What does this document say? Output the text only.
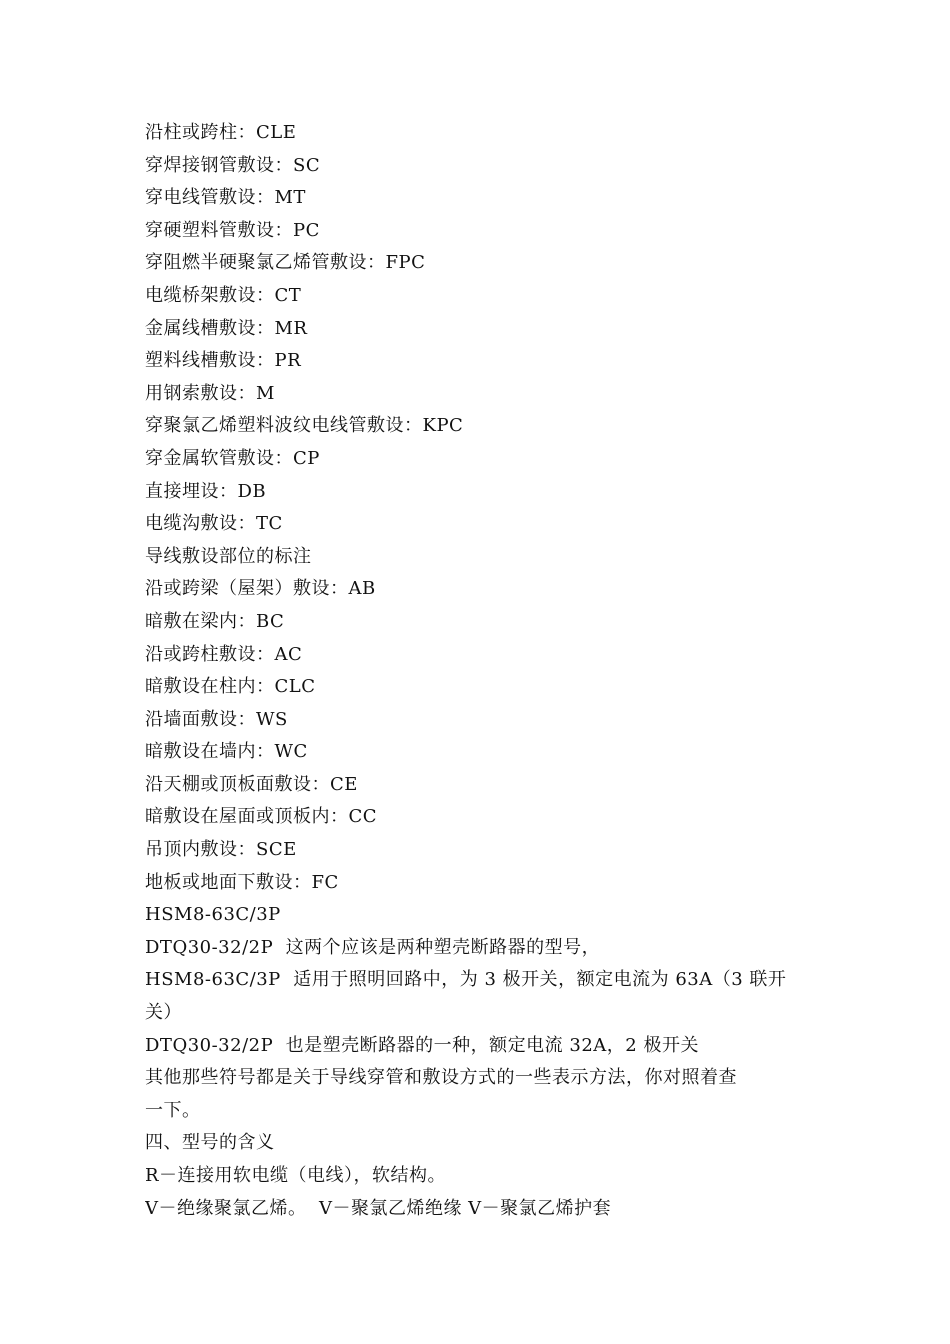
沿柱或跨柱：CLE
穿焊接钢管敷设：SC
穿电线管敷设：MT
穿硬塑料管敷设：PC
穿阻燃半硬聚氯乙烯管敷设：FPC
电缆桥架敷设：CT
金属线槽敷设：MR
塑料线槽敷设：PR
用钢索敷设：M
穿聚氯乙烯塑料波纹电线管敷设：KPC
穿金属软管敷设：CP
直接埋设：DB
电缆沟敷设：TC
导线敷设部位的标注
沿或跨梁（屋架）敷设：AB
暗敷在梁内：BC
沿或跨柱敷设：AC
暗敷设在柱内：CLC
沿墙面敷设：WS
暗敷设在墙内：WC
沿天棚或顶板面敷设：CE
暗敷设在屋面或顶板内：CC
吊顶内敷设：SCE
地板或地面下敷设：FC
HSM8-63C/3P
DTQ30-32/2P  这两个应该是两种塑壳断路器的型号，
HSM8-63C/3P  适用于照明回路中，为 3 极开关，额定电流为 63A（3 联开
关）
DTQ30-32/2P  也是塑壳断路器的一种，额定电流 32A，2 极开关
其他那些符号都是关于导线穿管和敷设方式的一些表示方法，你对照着查
一下。
四、型号的含义
R－连接用软电缆（电线），软结构。
V－绝缘聚氯乙烯。  V－聚氯乙烯绝缘 V－聚氯乙烯护套
